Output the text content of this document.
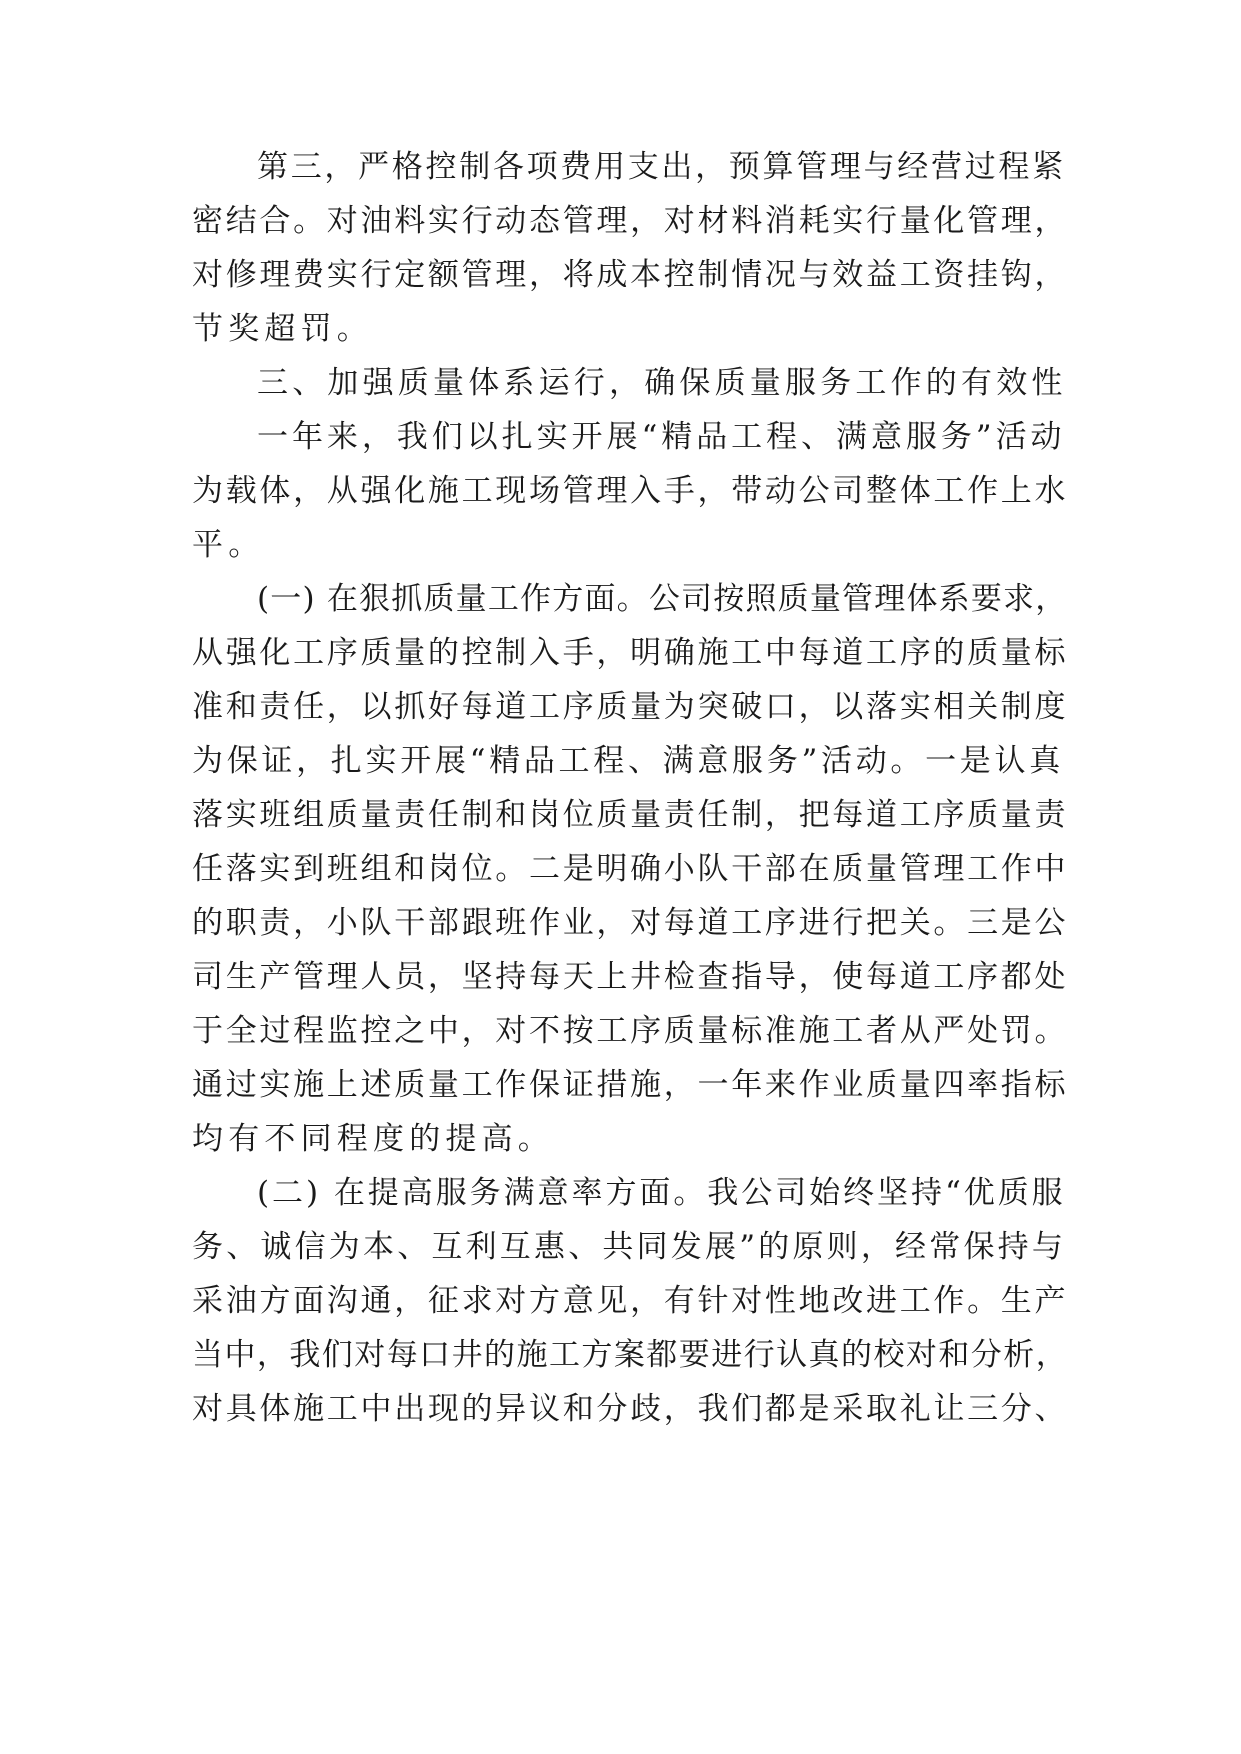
第三，严格控制各项费用支出，预算管理与经营过程紧

密结合。对油料实行动态管理，对材料消耗实行量化管理，

对修理费实行定额管理，将成本控制情况与效益工资挂钩，

节奖超罚。

三、加强质量体系运行，确保质量服务工作的有效性

一年来，我们以扎实开展“精品工程、满意服务”活动

为载体，从强化施工现场管理入手，带动公司整体工作上水

平。

(一) 在狠抓质量工作方面。公司按照质量管理体系要求，

从强化工序质量的控制入手，明确施工中每道工序的质量标

准和责任，以抓好每道工序质量为突破口，以落实相关制度

为保证，扎实开展“精品工程、满意服务”活动。一是认真

落实班组质量责任制和岗位质量责任制，把每道工序质量责

任落实到班组和岗位。二是明确小队干部在质量管理工作中

的职责，小队干部跟班作业，对每道工序进行把关。三是公

司生产管理人员，坚持每天上井检查指导，使每道工序都处

于全过程监控之中，对不按工序质量标准施工者从严处罚。

通过实施上述质量工作保证措施，一年来作业质量四率指标

均有不同程度的提高。

(二) 在提高服务满意率方面。我公司始终坚持“优质服

务、诚信为本、互利互惠、共同发展”的原则，经常保持与

采油方面沟通，征求对方意见，有针对性地改进工作。生产

当中，我们对每口井的施工方案都要进行认真的校对和分析，

对具体施工中出现的异议和分歧，我们都是采取礼让三分、
